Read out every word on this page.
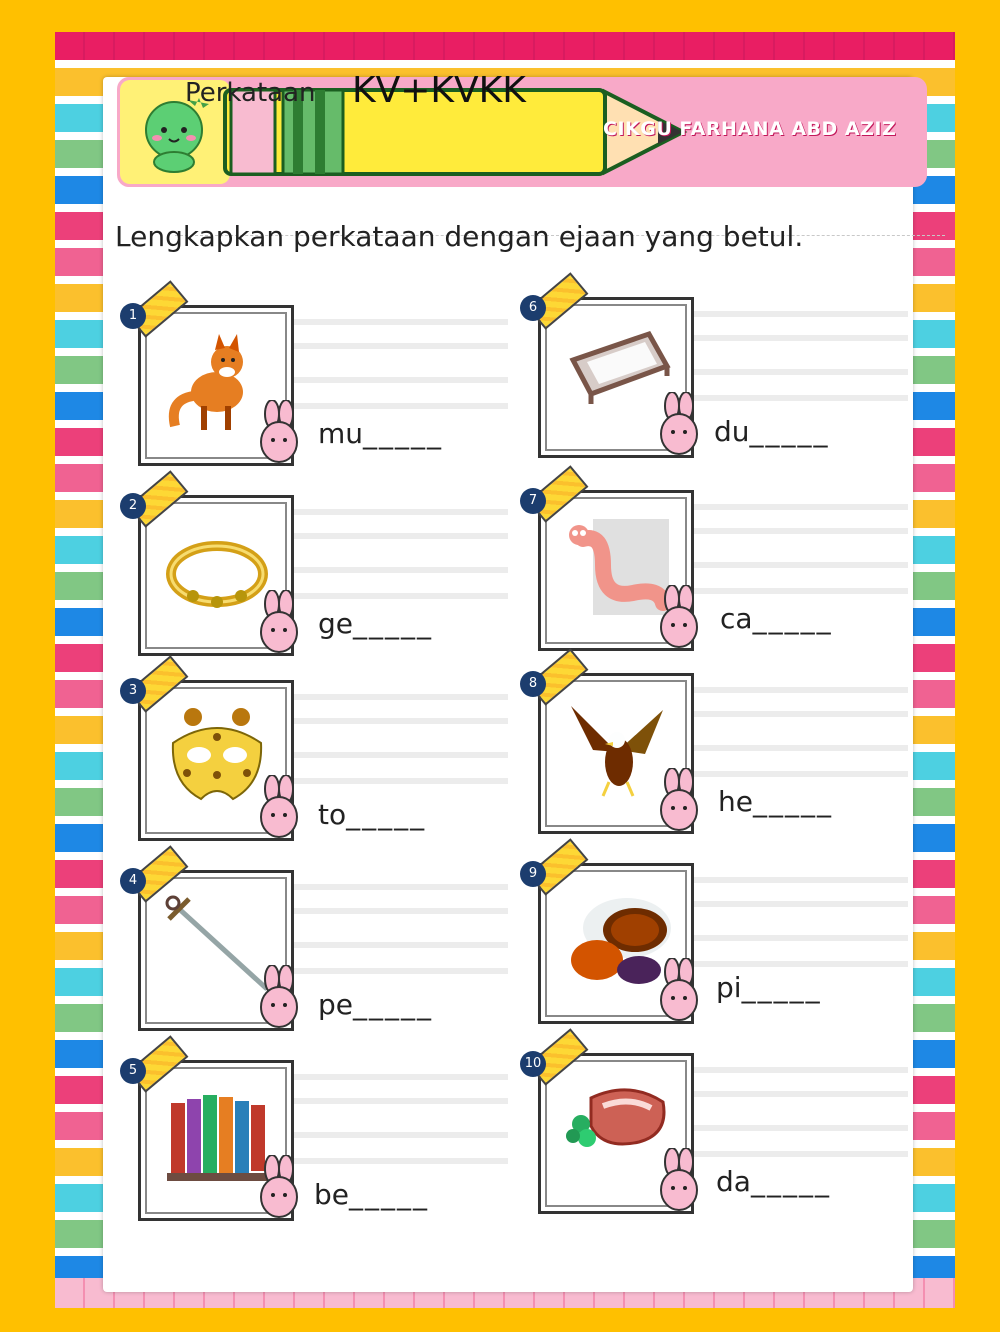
Perkataan KV+KVKK
CIKGU FARHANA ABD AZIZ
Lengkapkan perkataan dengan ejaan yang betul.
1
mu_____
2
ge_____
3
to_____
4
pe_____
5
be_____
6
du_____
7
ca_____
8
he_____
9
pi_____
10
da_____
